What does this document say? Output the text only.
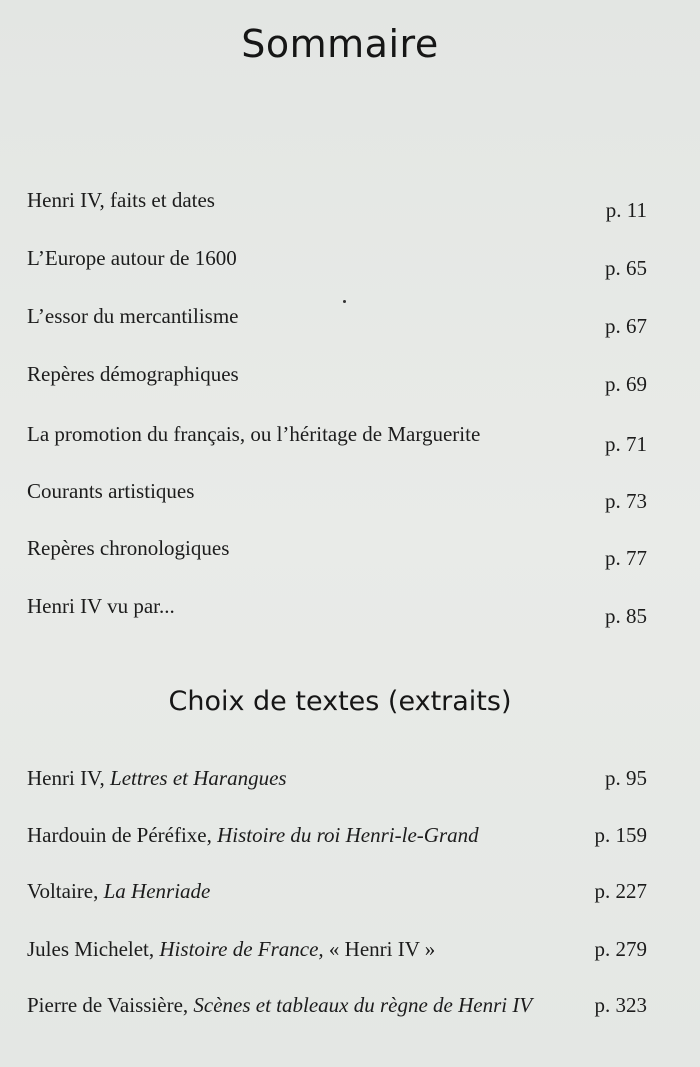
Sommaire
Henri IV, faits et dates	p. 11
L’Europe autour de 1600	p. 65
L’essor du mercantilisme	p. 67
Repères démographiques	p. 69
La promotion du français, ou l’héritage de Marguerite	p. 71
Courants artistiques	p. 73
Repères chronologiques	p. 77
Henri IV vu par...	p. 85
Choix de textes (extraits)
Henri IV, Lettres et Harangues	p. 95
Hardouin de Péréfixe, Histoire du roi Henri-le-Grand	p. 159
Voltaire, La Henriade	p. 227
Jules Michelet, Histoire de France, « Henri IV »	p. 279
Pierre de Vaissière, Scènes et tableaux du règne de Henri IV	p. 323
